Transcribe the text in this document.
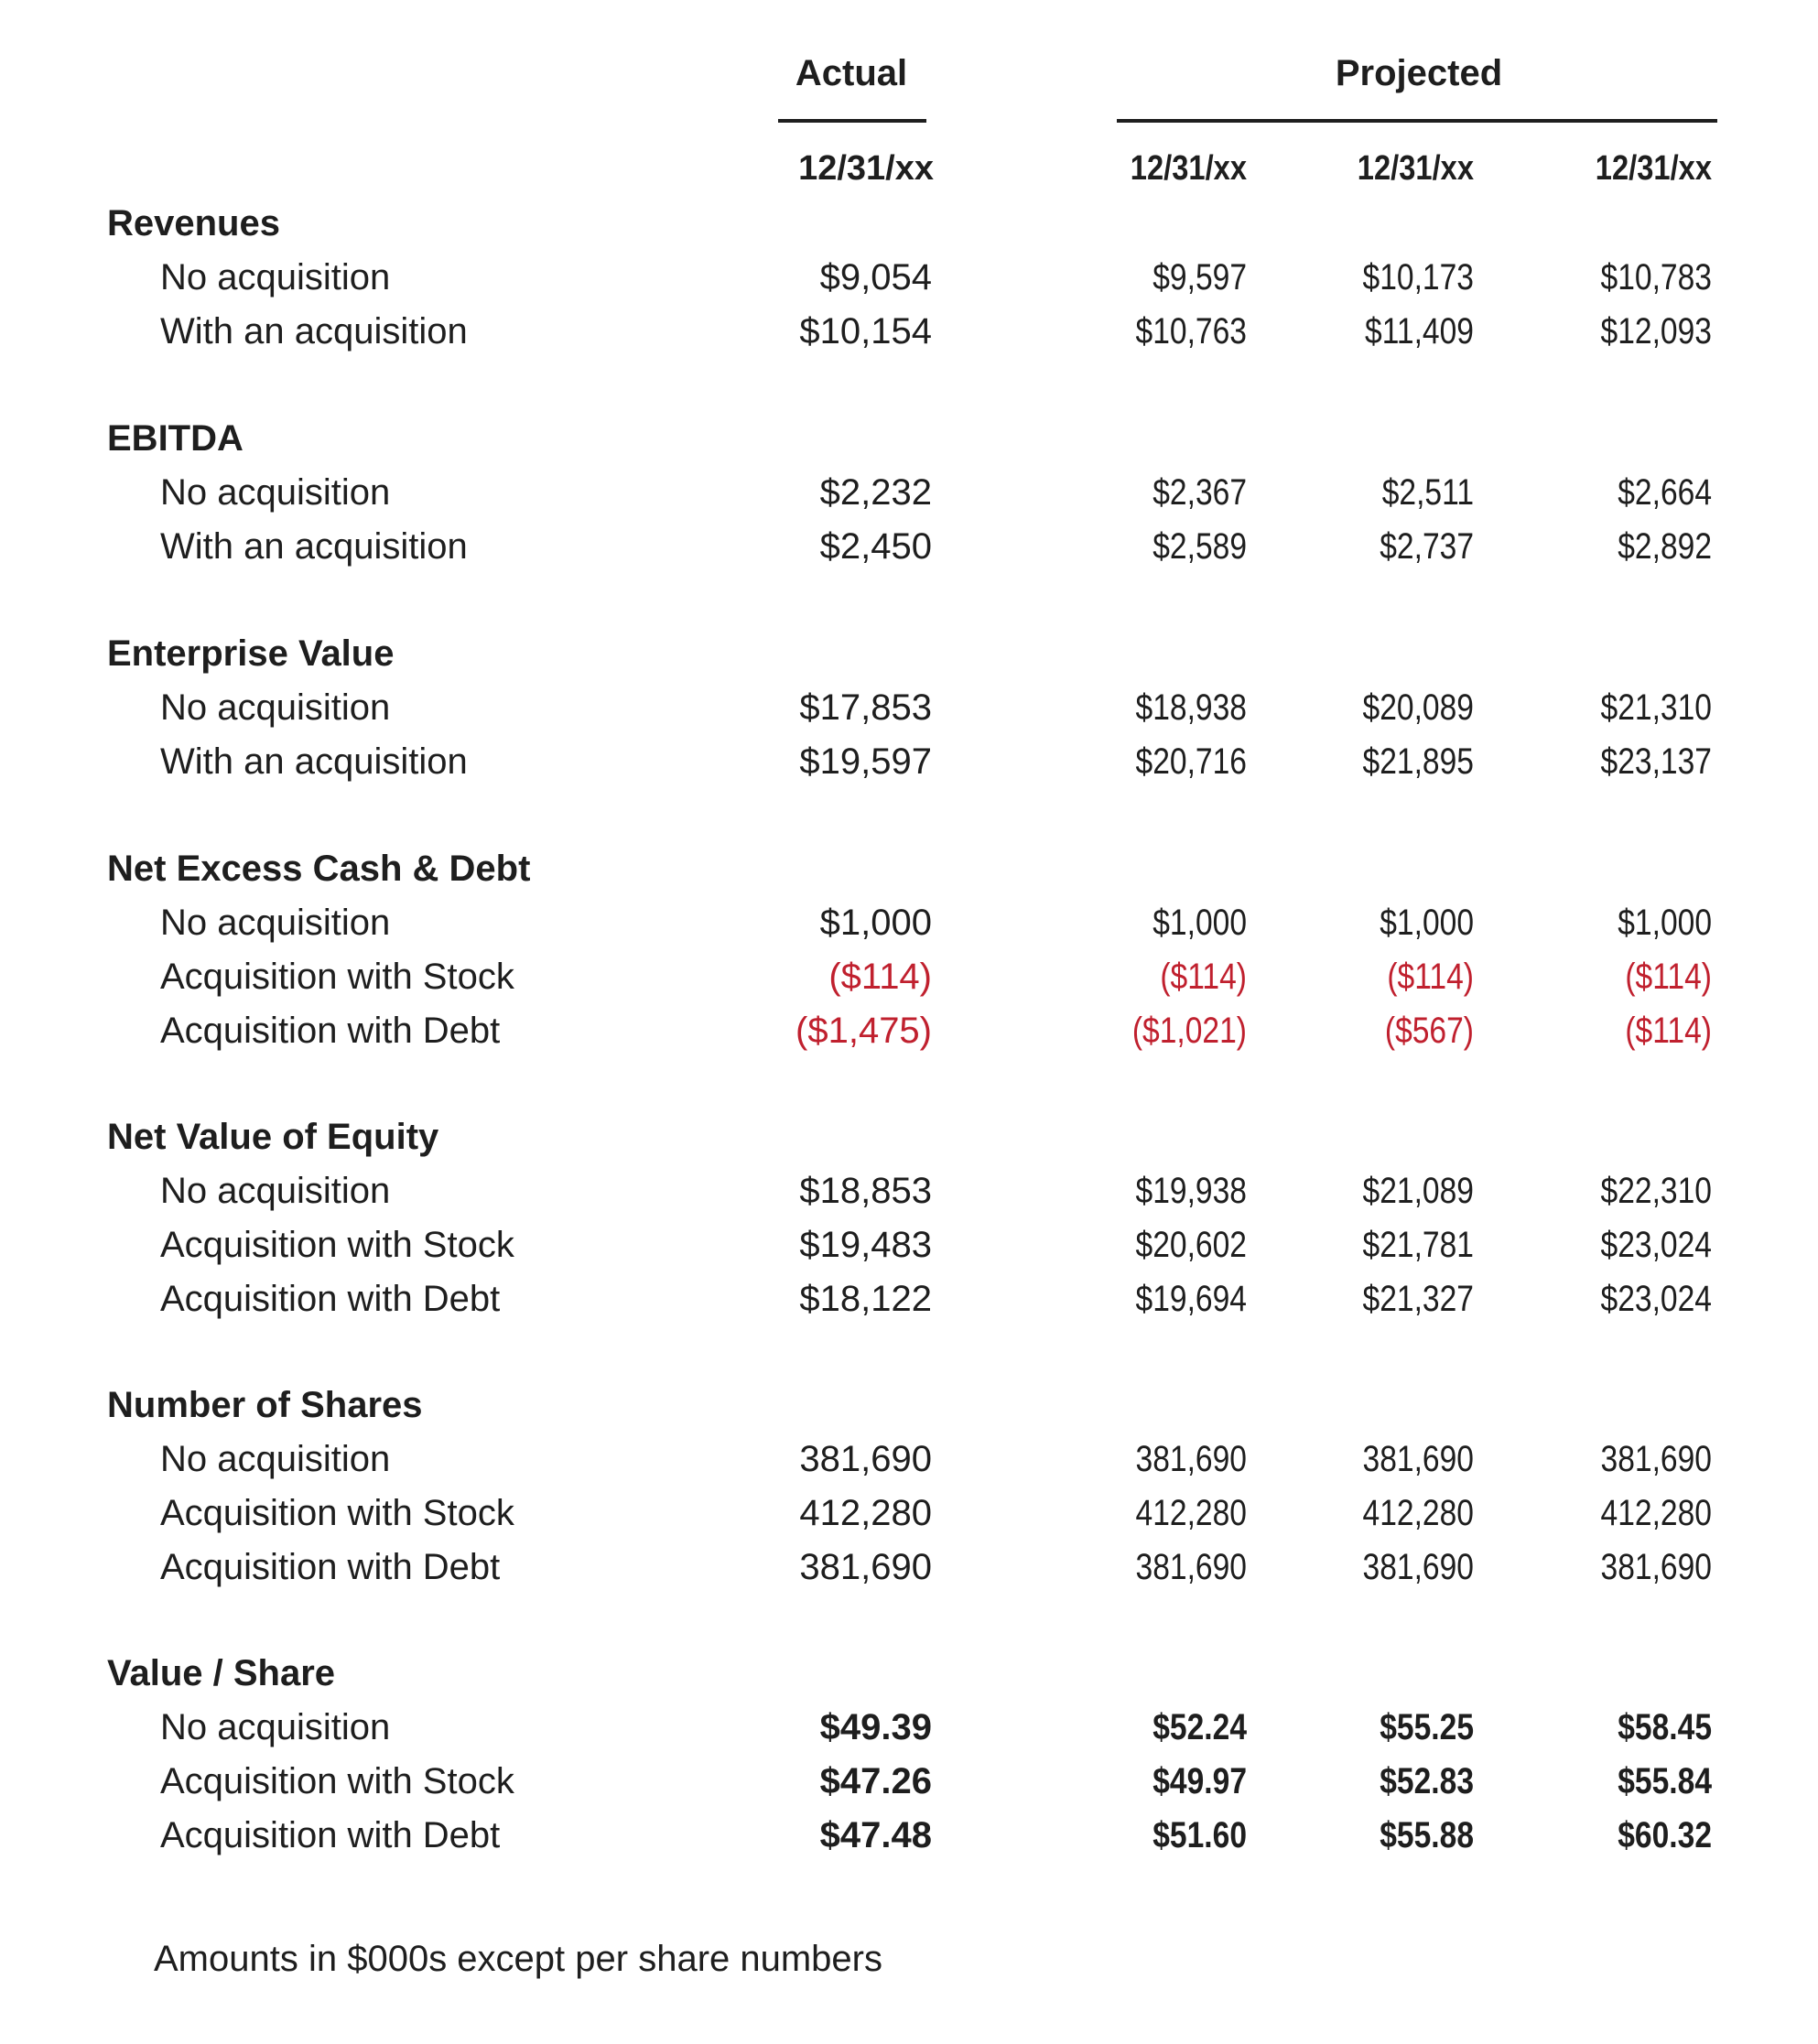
Actual	Projected
12/31/xx	12/31/xx	12/31/xx	12/31/xx
Revenues
No acquisition	$9,054	$9,597	$10,173	$10,783
With an acquisition	$10,154	$10,763	$11,409	$12,093
EBITDA
No acquisition	$2,232	$2,367	$2,511	$2,664
With an acquisition	$2,450	$2,589	$2,737	$2,892
Enterprise Value
No acquisition	$17,853	$18,938	$20,089	$21,310
With an acquisition	$19,597	$20,716	$21,895	$23,137
Net Excess Cash & Debt
No acquisition	$1,000	$1,000	$1,000	$1,000
Acquisition with Stock	($114)	($114)	($114)	($114)
Acquisition with Debt	($1,475)	($1,021)	($567)	($114)
Net Value of Equity
No acquisition	$18,853	$19,938	$21,089	$22,310
Acquisition with Stock	$19,483	$20,602	$21,781	$23,024
Acquisition with Debt	$18,122	$19,694	$21,327	$23,024
Number of Shares
No acquisition	381,690	381,690	381,690	381,690
Acquisition with Stock	412,280	412,280	412,280	412,280
Acquisition with Debt	381,690	381,690	381,690	381,690
Value / Share
No acquisition	$49.39	$52.24	$55.25	$58.45
Acquisition with Stock	$47.26	$49.97	$52.83	$55.84
Acquisition with Debt	$47.48	$51.60	$55.88	$60.32
Amounts in $000s except per share numbers
